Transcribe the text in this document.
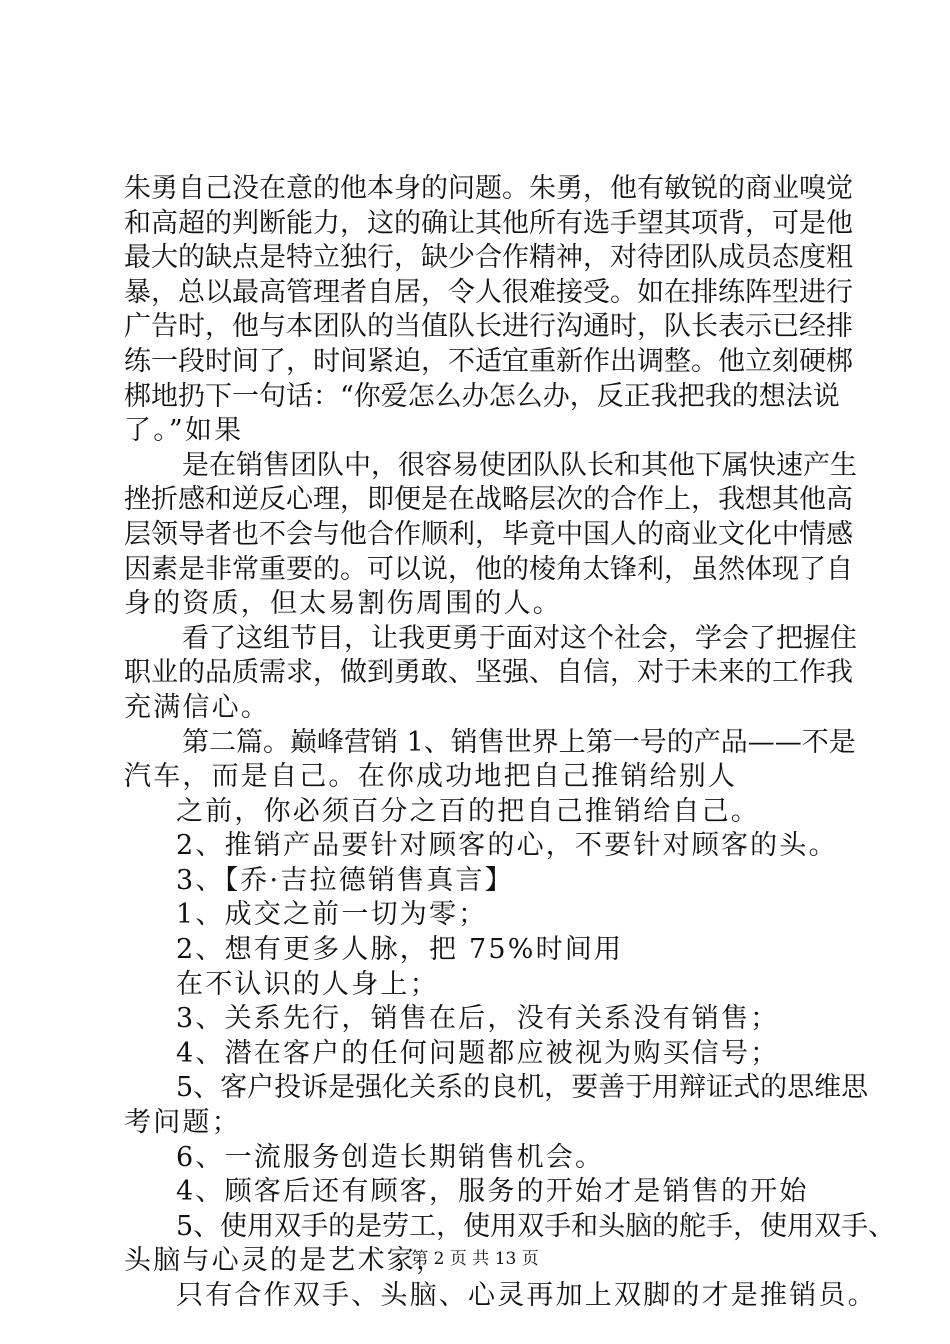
朱勇自己没在意的他本身的问题。朱勇，他有敏锐的商业嗅觉
和高超的判断能力，这的确让其他所有选手望其项背，可是他
最大的缺点是特立独行，缺少合作精神，对待团队成员态度粗
暴，总以最高管理者自居，令人很难接受。如在排练阵型进行
广告时，他与本团队的当值队长进行沟通时，队长表示已经排
练一段时间了，时间紧迫，不适宜重新作出调整。他立刻硬梆
梆地扔下一句话：“你爱怎么办怎么办，反正我把我的想法说
了。”如果
是在销售团队中，很容易使团队队长和其他下属快速产生
挫折感和逆反心理，即便是在战略层次的合作上，我想其他高
层领导者也不会与他合作顺利，毕竟中国人的商业文化中情感
因素是非常重要的。可以说，他的棱角太锋利，虽然体现了自
身的资质，但太易割伤周围的人。
看了这组节目，让我更勇于面对这个社会，学会了把握住
职业的品质需求，做到勇敢、坚强、自信，对于未来的工作我
充满信心。
第二篇。巅峰营销 1、销售世界上第一号的产品——不是
汽车，而是自己。在你成功地把自己推销给别人
之前，你必须百分之百的把自己推销给自己。
2、推销产品要针对顾客的心，不要针对顾客的头。
3、【乔·吉拉德销售真言】
1、成交之前一切为零；
2、想有更多人脉，把 75%时间用
在不认识的人身上；
3、关系先行，销售在后，没有关系没有销售；
4、潜在客户的任何问题都应被视为购买信号；
5、客户投诉是强化关系的良机，要善于用辩证式的思维思
考问题；
6、一流服务创造长期销售机会。
4、顾客后还有顾客，服务的开始才是销售的开始
5、使用双手的是劳工，使用双手和头脑的舵手，使用双手、
头脑与心灵的是艺术家，
只有合作双手、头脑、心灵再加上双脚的才是推销员。
第 2 页 共 13 页
